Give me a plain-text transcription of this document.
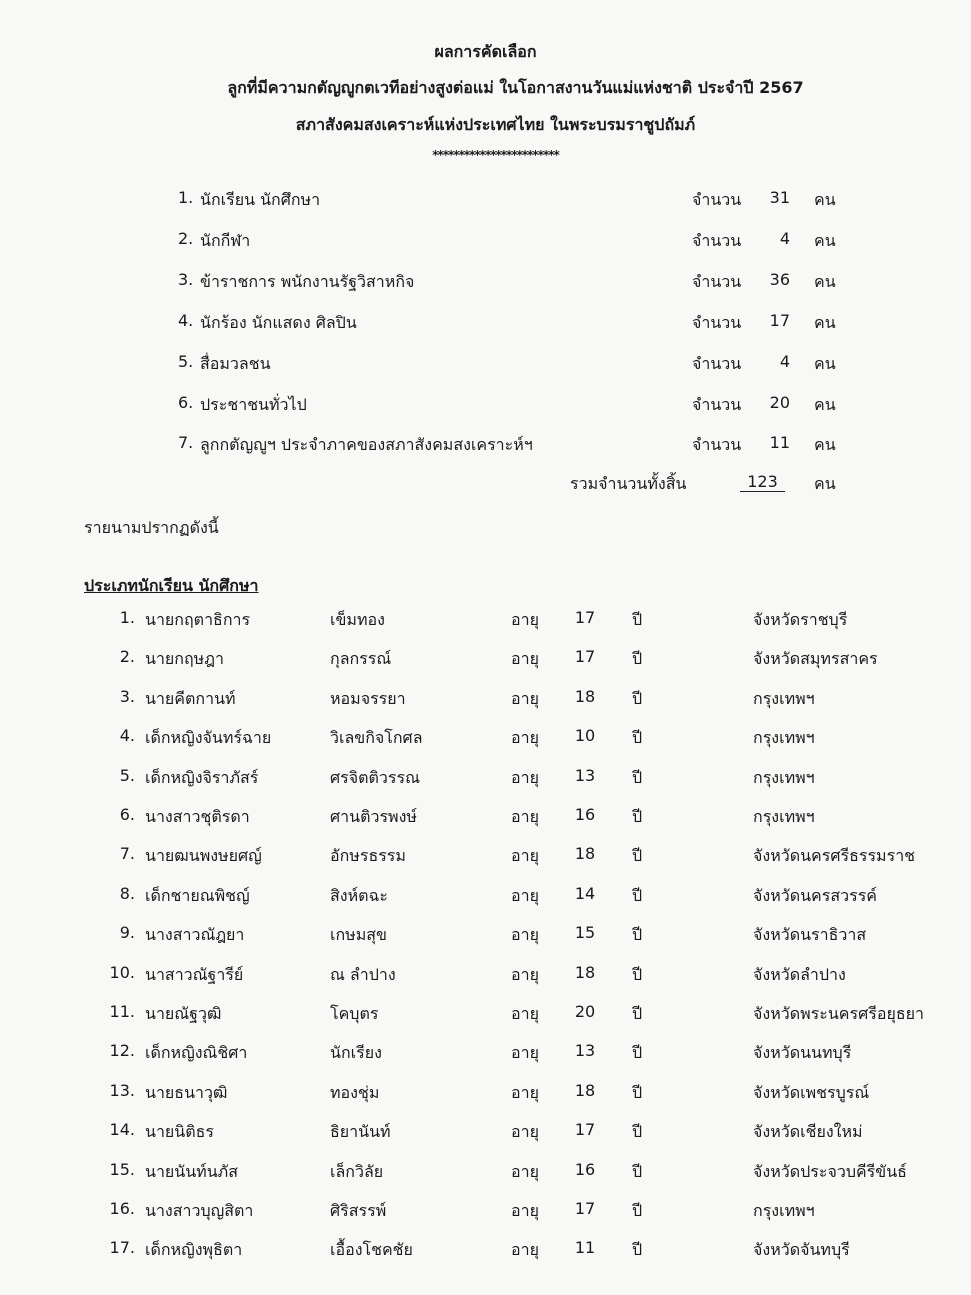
ผลการคัดเลือก
ลูกที่มีความกตัญญูกตเวทีอย่างสูงต่อแม่ ในโอกาสงานวันแม่แห่งชาติ ประจำปี 2567
สภาสังคมสงเคราะห์แห่งประเทศไทย ในพระบรมราชูปถัมภ์
************************
1. นักเรียน นักศึกษา	จำนวน	31 คน
2. นักกีฬา	จำนวน	4 คน
3. ข้าราชการ พนักงานรัฐวิสาหกิจ	จำนวน	36 คน
4. นักร้อง นักแสดง ศิลปิน	จำนวน	17 คน
5. สื่อมวลชน	จำนวน	4 คน
6. ประชาชนทั่วไป	จำนวน	20 คน
7. ลูกกตัญญูฯ ประจำภาคของสภาสังคมสงเคราะห์ฯ	จำนวน	11 คน
รวมจำนวนทั้งสิ้น	123	คน
รายนามปรากฏดังนี้
ประเภทนักเรียน นักศึกษา
1. นายกฤตาธิการ	เข็มทอง	อายุ 17 ปี	จังหวัดราชบุรี
2. นายกฤษฎา	กุลกรรณ์	อายุ 17 ปี	จังหวัดสมุทรสาคร
3. นายคีตกานท์	หอมจรรยา	อายุ 18 ปี	กรุงเทพฯ
4. เด็กหญิงจันทร์ฉาย	วิเลขกิจโกศล	อายุ 10 ปี	กรุงเทพฯ
5. เด็กหญิงจิราภัสร์	ศรจิตติวรรณ	อายุ 13 ปี	กรุงเทพฯ
6. นางสาวชุติรดา	ศานติวรพงษ์	อายุ 16 ปี	กรุงเทพฯ
7. นายฒนพงษยศญ์	อักษรธรรม	อายุ 18 ปี	จังหวัดนครศรีธรรมราช
8. เด็กชายณพิชญ์	สิงห์ตฉะ	อายุ 14 ปี	จังหวัดนครสวรรค์
9. นางสาวณัฎยา	เกษมสุข	อายุ 15 ปี	จังหวัดนราธิวาส
10. นาสาวณัฐารีย์	ณ ลำปาง	อายุ 18 ปี	จังหวัดลำปาง
11. นายณัฐวุฒิ	โคบุตร	อายุ 20 ปี	จังหวัดพระนครศรีอยุธยา
12. เด็กหญิงณิชิศา	นักเรียง	อายุ 13 ปี	จังหวัดนนทบุรี
13. นายธนาวุฒิ	ทองชุ่ม	อายุ 18 ปี	จังหวัดเพชรบูรณ์
14. นายนิติธร	ธิยานันท์	อายุ 17 ปี	จังหวัดเชียงใหม่
15. นายนันท์นภัส	เล็กวิลัย	อายุ 16 ปี	จังหวัดประจวบคีรีขันธ์
16. นางสาวบุญสิตา	ศิริสรรพ์	อายุ 17 ปี	กรุงเทพฯ
17. เด็กหญิงพุธิตา	เอื้องโชคชัย	อายุ 11 ปี	จังหวัดจันทบุรี
